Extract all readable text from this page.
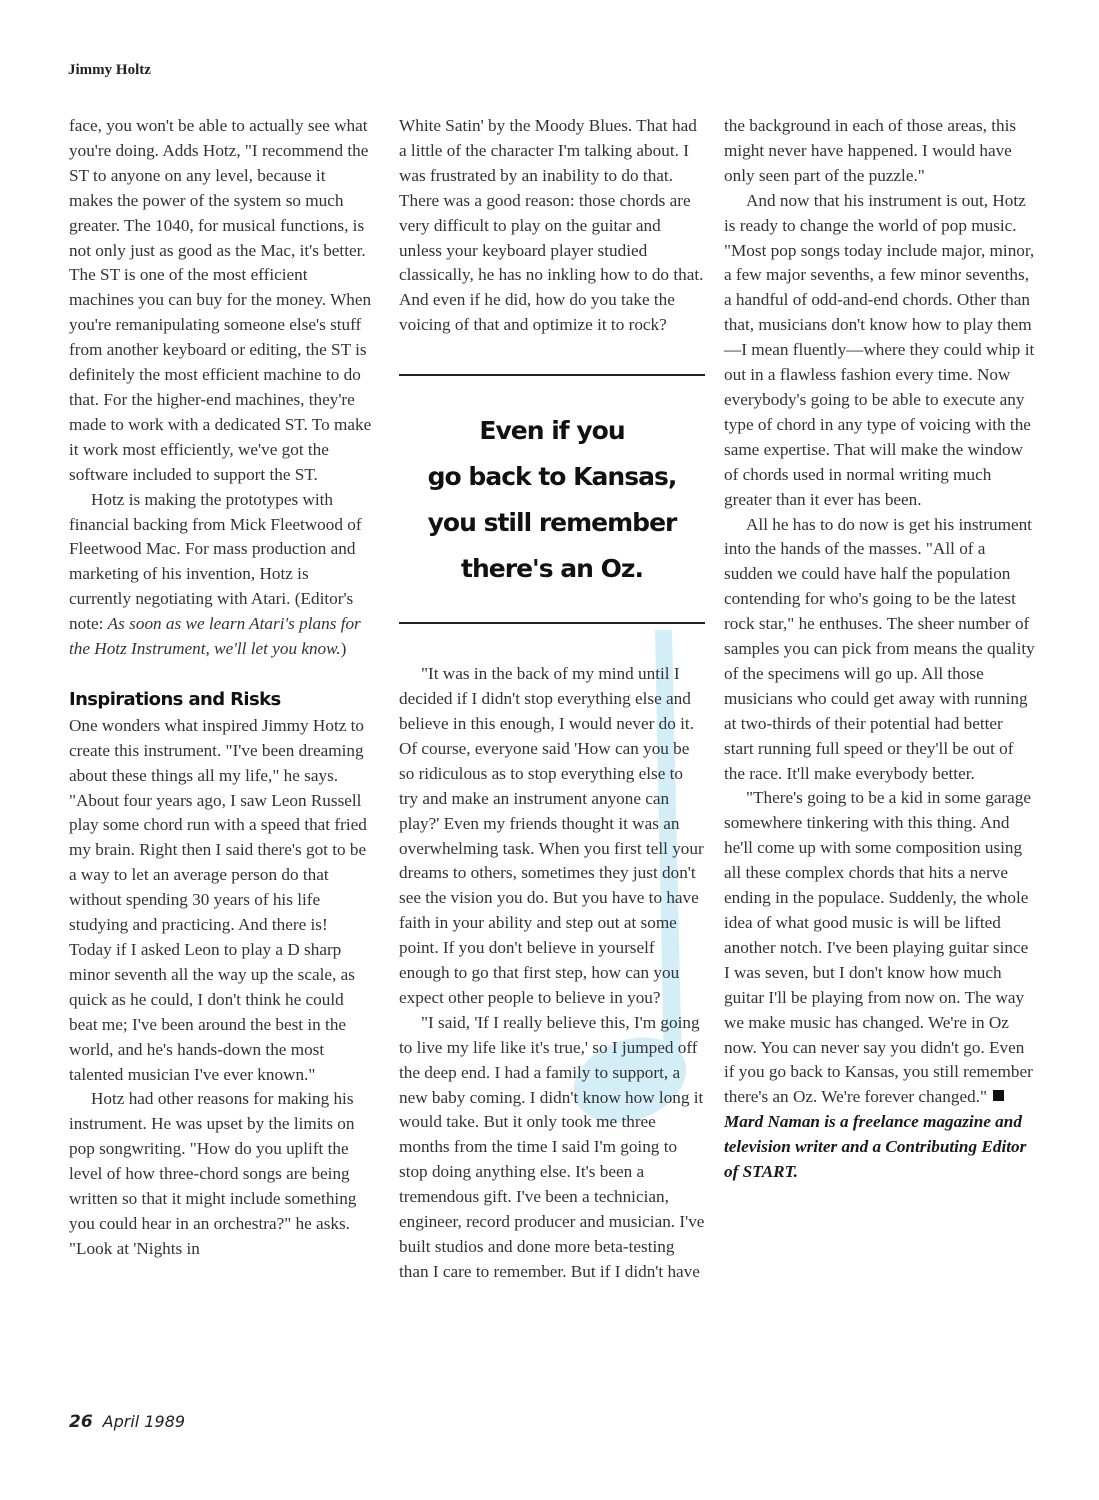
Jimmy Holtz

face, you won't be able to actually see what you're doing. Adds Hotz, "I recommend the ST to anyone on any level, because it makes the power of the system so much greater. The 1040, for musical functions, is not only just as good as the Mac, it's better. The ST is one of the most efficient machines you can buy for the money. When you're remanipulating someone else's stuff from another keyboard or editing, the ST is definitely the most efficient machine to do that. For the higher-end machines, they're made to work with a dedicated ST. To make it work most efficiently, we've got the software included to support the ST.

Hotz is making the prototypes with financial backing from Mick Fleetwood of Fleetwood Mac. For mass production and marketing of his invention, Hotz is currently negotiating with Atari. (Editor's note: As soon as we learn Atari's plans for the Hotz Instrument, we'll let you know.)

Inspirations and Risks

One wonders what inspired Jimmy Hotz to create this instrument. "I've been dreaming about these things all my life," he says. "About four years ago, I saw Leon Russell play some chord run with a speed that fried my brain. Right then I said there's got to be a way to let an average person do that without spending 30 years of his life studying and practicing. And there is! Today if I asked Leon to play a D sharp minor seventh all the way up the scale, as quick as he could, I don't think he could beat me; I've been around the best in the world, and he's hands-down the most talented musician I've ever known."

Hotz had other reasons for making his instrument. He was upset by the limits on pop songwriting. "How do you uplift the level of how three-chord songs are being written so that it might include something you could hear in an orchestra?" he asks. "Look at 'Nights in

White Satin' by the Moody Blues. That had a little of the character I'm talking about. I was frustrated by an inability to do that. There was a good reason: those chords are very difficult to play on the guitar and unless your keyboard player studied classically, he has no inkling how to do that. And even if he did, how do you take the voicing of that and optimize it to rock?

Even if you
go back to Kansas,
you still remember
there's an Oz.

"It was in the back of my mind until I decided if I didn't stop everything else and believe in this enough, I would never do it. Of course, everyone said 'How can you be so ridiculous as to stop everything else to try and make an instrument anyone can play?' Even my friends thought it was an overwhelming task. When you first tell your dreams to others, sometimes they just don't see the vision you do. But you have to have faith in your ability and step out at some point. If you don't believe in yourself enough to go that first step, how can you expect other people to believe in you?

"I said, 'If I really believe this, I'm going to live my life like it's true,' so I jumped off the deep end. I had a family to support, a new baby coming. I didn't know how long it would take. But it only took me three months from the time I said I'm going to stop doing anything else. It's been a tremendous gift. I've been a technician, engineer, record producer and musician. I've built studios and done more beta-testing than I care to remember. But if I didn't have

the background in each of those areas, this might never have happened. I would have only seen part of the puzzle."

And now that his instrument is out, Hotz is ready to change the world of pop music. "Most pop songs today include major, minor, a few major sevenths, a few minor sevenths, a handful of odd-and-end chords. Other than that, musicians don't know how to play them—I mean fluently—where they could whip it out in a flawless fashion every time. Now everybody's going to be able to execute any type of chord in any type of voicing with the same expertise. That will make the window of chords used in normal writing much greater than it ever has been.

All he has to do now is get his instrument into the hands of the masses. "All of a sudden we could have half the population contending for who's going to be the latest rock star," he enthuses. The sheer number of samples you can pick from means the quality of the specimens will go up. All those musicians who could get away with running at two-thirds of their potential had better start running full speed or they'll be out of the race. It'll make everybody better.

"There's going to be a kid in some garage somewhere tinkering with this thing. And he'll come up with some composition using all these complex chords that hits a nerve ending in the populace. Suddenly, the whole idea of what good music is will be lifted another notch. I've been playing guitar since I was seven, but I don't know how much guitar I'll be playing from now on. The way we make music has changed. We're in Oz now. You can never say you didn't go. Even if you go back to Kansas, you still remember there's an Oz. We're forever changed."

Mard Naman is a freelance magazine and television writer and a Contributing Editor of START.

26 April 1989
